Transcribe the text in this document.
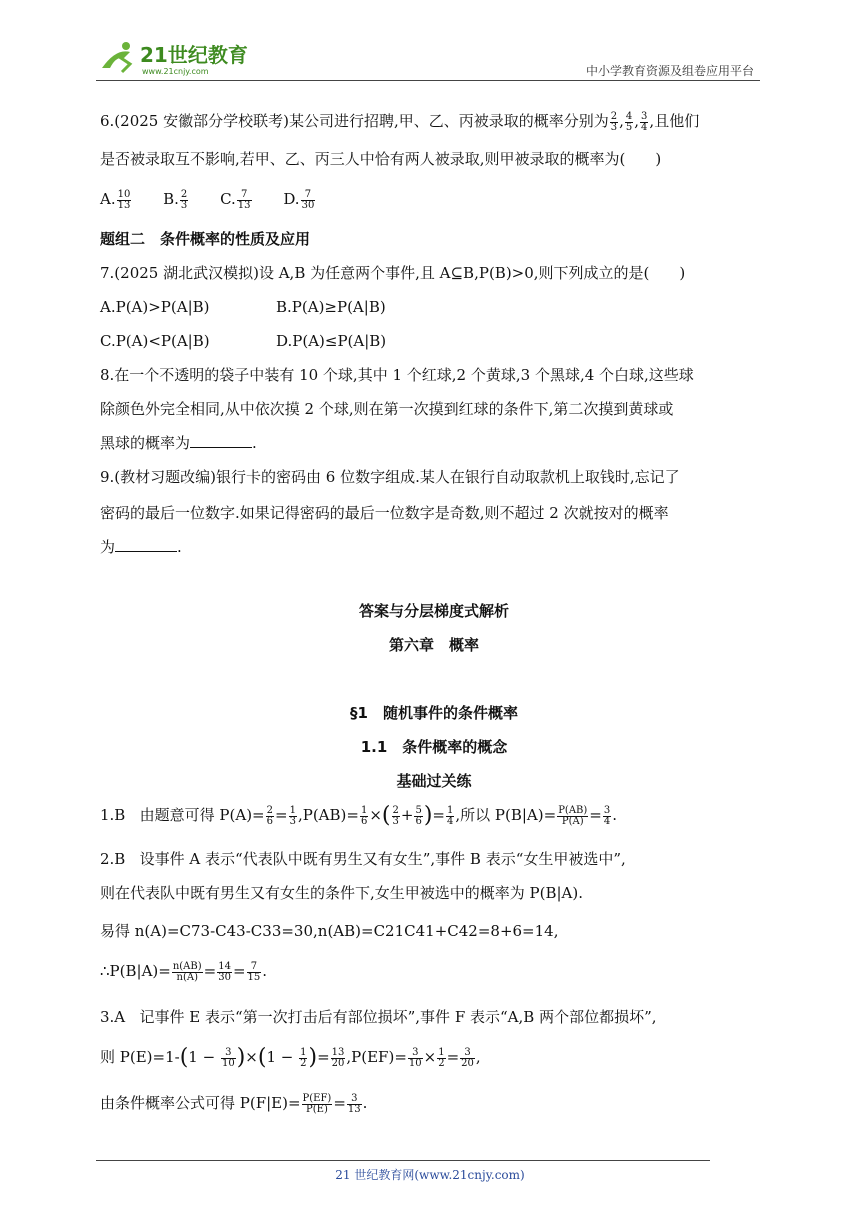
21世纪教育
www.21cnjy.com	中小学教育资源及组卷应用平台
6.(2025 安徽部分学校联考)某公司进行招聘,甲、乙、丙被录取的概率分别为 $\frac{2}{3}$ , $\frac{4}{5}$ , $\frac{3}{4}$ ,且他们
是否被录取互不影响,若甲、乙、丙三人中恰有两人被录取,则甲被录取的概率为(　　)
A. $\frac{10}{13} B$. $\frac{2}{3} C$. $\frac{7}{13} D$. $\frac{7}{30}$
题组二　条件概率的性质及应用
7.(2025 湖北武汉模拟)设 A,B 为任意两个事件,且 A⊆B,P(B)>0,则下列成立的是(　　)
A.P(A)>P(A|B)	B.P(A)≥P(A|B)
C.P(A)<P(A|B)	D.P(A)≤P(A|B)
8.在一个不透明的袋子中装有 10 个球,其中 1 个红球,2 个黄球,3 个黑球,4 个白球,这些球
除颜色外完全相同,从中依次摸 2 个球,则在第一次摸到红球的条件下,第二次摸到黄球或
黑球的概率为	.
9.(教材习题改编)银行卡的密码由 6 位数字组成.某人在银行自动取款机上取钱时,忘记了
密码的最后一位数字.如果记得密码的最后一位数字是奇数,则不超过 2 次就按对的概率
为	.
答案与分层梯度式解析
第六章　概率
§1　随机事件的条件概率
1.1　条件概率的概念
基础过关练
1.B 由题意可得 $P(A)= \frac{2}{6} = \frac{1}{3} ,P(AB)= \frac{1}{6}$ ×( $\frac{2}{3} + \frac{5}{6}$ )= $\frac{1}{4}$ ,所以 $P(B|A)= \frac{P(AB)}{P(A)} = \frac{3}{4}$ .
2.B 设事件 A 表示“代表队中既有男生又有女生”,事件 B 表示“女生甲被选中”,
则在代表队中既有男生又有女生的条件下,女生甲被选中的概率为 P(B|A).
易得 n(A)=C73-C43-C33=30,n(AB)=C21C41+C42=8+6=14,
∴P(B|A)= $\frac{n(AB)}{n(A)} = \frac{14}{30} = \frac{7}{15}$ .
3.A 记事件 E 表示“第一次打击后有部位损坏”,事件 F 表示“A,B 两个部位都损坏”,
则 $P(E)=1-(1 - \frac{3}{10} )\times(1 - \frac{1}{2}$ )= $\frac{13}{20} ,P(EF)= \frac{3}{10} \times \frac{1}{2} = \frac{3}{20}$ ,
由条件概率公式可得 $P(F|E)= \frac{P(EF)}{P(E)} = \frac{3}{13}$ .
21 世纪教育网(www.21cnjy.com)
